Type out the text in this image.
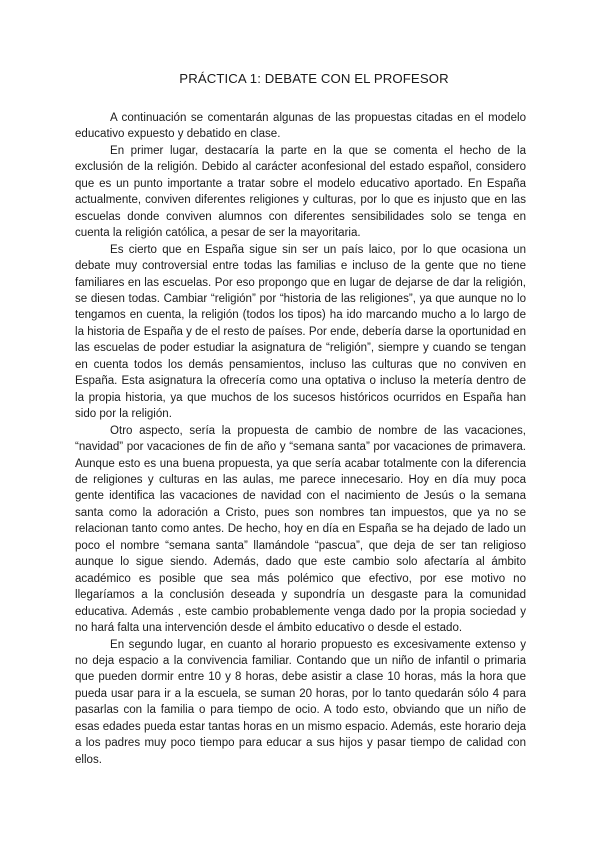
PRÁCTICA 1: DEBATE CON EL PROFESOR

A continuación se comentarán algunas de las propuestas citadas en el modelo educativo expuesto y debatido en clase.

En primer lugar, destacaría la parte en la que se comenta el hecho de la exclusión de la religión. Debido al carácter aconfesional del estado español, considero que es un punto importante a tratar sobre el modelo educativo aportado. En España actualmente, conviven diferentes religiones y culturas, por lo que es injusto que en las escuelas donde conviven alumnos con diferentes sensibilidades solo se tenga en cuenta la religión católica, a pesar de ser la mayoritaria.

Es cierto que en España sigue sin ser un país laico, por lo que ocasiona un debate muy controversial entre todas las familias e incluso de la gente que no tiene familiares en las escuelas. Por eso propongo que en lugar de dejarse de dar la religión, se diesen todas. Cambiar “religión” por “historia de las religiones”, ya que aunque no lo tengamos en cuenta, la religión (todos los tipos) ha ido marcando mucho a lo largo de la historia de España y de el resto de países. Por ende, debería darse la oportunidad en las escuelas de poder estudiar la asignatura de “religión”, siempre y cuando se tengan en cuenta todos los demás pensamientos, incluso las culturas que no conviven en España. Esta asignatura la ofrecería como una optativa o incluso la metería dentro de la propia historia, ya que muchos de los sucesos históricos ocurridos en España han sido por la religión.

Otro aspecto, sería la propuesta de cambio de nombre de las vacaciones, “navidad” por vacaciones de fin de año y “semana santa” por vacaciones de primavera. Aunque esto es una buena propuesta, ya que sería acabar totalmente con la diferencia de religiones y culturas en las aulas, me parece innecesario. Hoy en día muy poca gente identifica las vacaciones de navidad con el nacimiento de Jesús o la semana santa como la adoración a Cristo, pues son nombres tan impuestos, que ya no se relacionan tanto como antes. De hecho, hoy en día en España se ha dejado de lado un poco el nombre “semana santa” llamándole “pascua”, que deja de ser tan religioso aunque lo sigue siendo. Además, dado que este cambio solo afectaría al ámbito académico es posible que sea más polémico que efectivo, por ese motivo no llegaríamos a la conclusión deseada y supondría un desgaste para la comunidad educativa. Además , este cambio probablemente venga dado por la propia sociedad y no hará falta una intervención desde el ámbito educativo o desde el estado.

En segundo lugar, en cuanto al horario propuesto es excesivamente extenso y no deja espacio a la convivencia familiar. Contando que un niño de infantil o primaria que pueden dormir entre 10 y 8 horas, debe asistir a clase 10 horas, más la hora que pueda usar para ir a la escuela, se suman 20 horas, por lo tanto quedarán sólo 4 para pasarlas con la familia o para tiempo de ocio. A todo esto, obviando que un niño de esas edades pueda estar tantas horas en un mismo espacio. Además, este horario deja a los padres muy poco tiempo para educar a sus hijos y pasar tiempo de calidad con ellos.
